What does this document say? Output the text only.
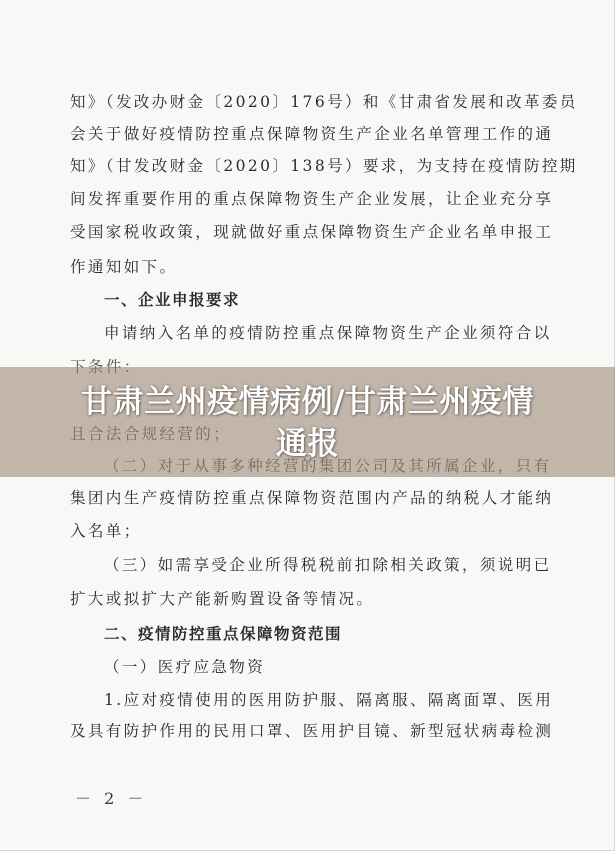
知》（发改办财金〔2020〕176号）和《甘肃省发展和改革委员
会关于做好疫情防控重点保障物资生产企业名单管理工作的通
知》（甘发改财金〔2020〕138号）要求，为支持在疫情防控期
间发挥重要作用的重点保障物资生产企业发展，让企业充分享
受国家税收政策，现就做好重点保障物资生产企业名单申报工
作通知如下。
一、企业申报要求
申请纳入名单的疫情防控重点保障物资生产企业须符合以
集团内生产疫情防控重点保障物资范围内产品的纳税人才能纳
入名单；
（三）如需享受企业所得税税前扣除相关政策，须说明已
扩大或拟扩大产能新购置设备等情况。
二、疫情防控重点保障物资范围
（一）医疗应急物资
1.应对疫情使用的医用防护服、隔离服、隔离面罩、医用
及具有防护作用的民用口罩、医用护目镜、新型冠状病毒检测
－ 2 －
甘肃兰州疫情病例/甘肃兰州疫情
通报
